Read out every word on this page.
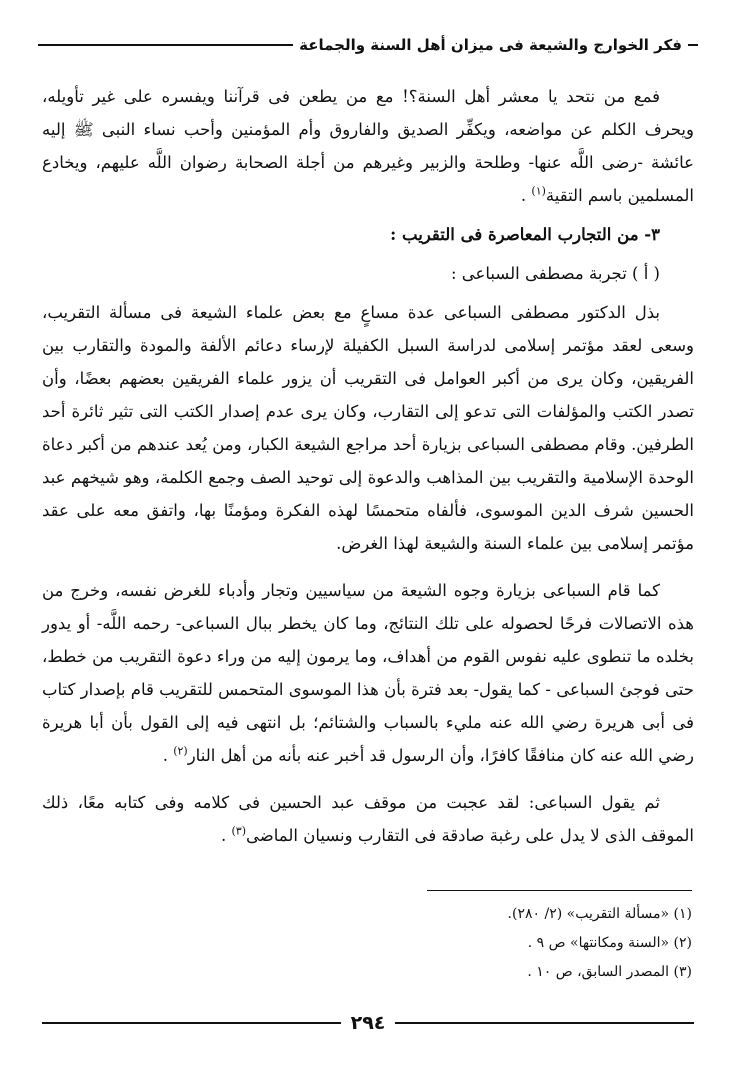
فكر الخوارج والشيعة فى ميزان أهل السنة والجماعة

فمع من نتحد يا معشر أهل السنة؟! مع من يطعن فى قرآننا ويفسره على غير تأويله، ويحرف الكلم عن مواضعه، ويكفِّر الصديق والفاروق وأم المؤمنين وأحب نساء النبى ﷺ إليه عائشة -رضى اللَّه عنها- وطلحة والزبير وغيرهم من أجلة الصحابة رضوان اللَّه عليهم، ويخادع المسلمين باسم التقية$^{(١)}$ .

٣- من التجارب المعاصرة فى التقريب :

( أ ) تجربة مصطفى السباعى :

بذل الدكتور مصطفى السباعى عدة مساعٍ مع بعض علماء الشيعة فى مسألة التقريب، وسعى لعقد مؤتمر إسلامى لدراسة السبل الكفيلة لإرساء دعائم الألفة والمودة والتقارب بين الفريقين، وكان يرى من أكبر العوامل فى التقريب أن يزور علماء الفريقين بعضهم بعضًا، وأن تصدر الكتب والمؤلفات التى تدعو إلى التقارب، وكان يرى عدم إصدار الكتب التى تثير ثائرة أحد الطرفين. وقام مصطفى السباعى بزيارة أحد مراجع الشيعة الكبار، ومن يُعد عندهم من أكبر دعاة الوحدة الإسلامية والتقريب بين المذاهب والدعوة إلى توحيد الصف وجمع الكلمة، وهو شيخهم عبد الحسين شرف الدين الموسوى، فألفاه متحمسًا لهذه الفكرة ومؤمنًا بها، واتفق معه على عقد مؤتمر إسلامى بين علماء السنة والشيعة لهذا الغرض.

كما قام السباعى بزيارة وجوه الشيعة من سياسيين وتجار وأدباء للغرض نفسه، وخرج من هذه الاتصالات فرحًا لحصوله على تلك النتائج، وما كان يخطر ببال السباعى- رحمه اللَّه- أو يدور بخلده ما تنطوى عليه نفوس القوم من أهداف، وما يرمون إليه من وراء دعوة التقريب من خطط، حتى فوجئ السباعى - كما يقول- بعد فترة بأن هذا الموسوى المتحمس للتقريب قام بإصدار كتاب فى أبى هريرة رضي الله عنه مليء بالسباب والشتائم؛ بل انتهى فيه إلى القول بأن أبا هريرة رضي الله عنه كان منافقًا كافرًا، وأن الرسول قد أخبر عنه بأنه من أهل النار$^{(٢)}$ .

ثم يقول السباعى: لقد عجبت من موقف عبد الحسين فى كلامه وفى كتابه معًا، ذلك الموقف الذى لا يدل على رغبة صادقة فى التقارب ونسيان الماضى$^{(٣)}$ .

(١) «مسألة التقريب» (٢/ ٢٨٠).

(٢) «السنة ومكانتها» ص ٩ .

(٣) المصدر السابق، ص ١٠ .

٢٩٤
